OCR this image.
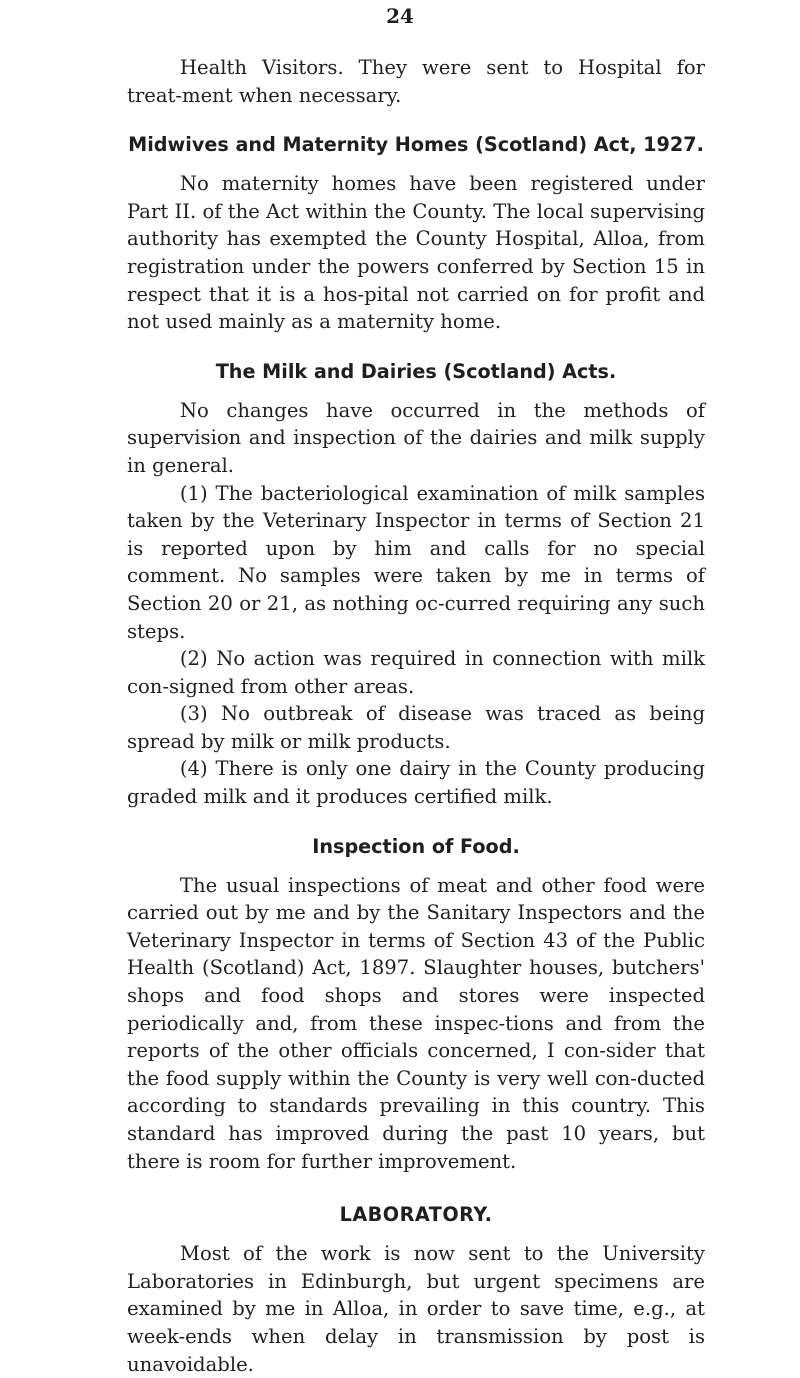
24

Health Visitors. They were sent to Hospital for treat-ment when necessary.

Midwives and Maternity Homes (Scotland) Act, 1927.

No maternity homes have been registered under Part II. of the Act within the County. The local supervising authority has exempted the County Hospital, Alloa, from registration under the powers conferred by Section 15 in respect that it is a hos-pital not carried on for profit and not used mainly as a maternity home.

The Milk and Dairies (Scotland) Acts.

No changes have occurred in the methods of supervision and inspection of the dairies and milk supply in general.

(1) The bacteriological examination of milk samples taken by the Veterinary Inspector in terms of Section 21 is reported upon by him and calls for no special comment. No samples were taken by me in terms of Section 20 or 21, as nothing oc-curred requiring any such steps.

(2) No action was required in connection with milk con-signed from other areas.

(3) No outbreak of disease was traced as being spread by milk or milk products.

(4) There is only one dairy in the County producing graded milk and it produces certified milk.

Inspection of Food.

The usual inspections of meat and other food were carried out by me and by the Sanitary Inspectors and the Veterinary Inspector in terms of Section 43 of the Public Health (Scotland) Act, 1897. Slaughter houses, butchers' shops and food shops and stores were inspected periodically and, from these inspec-tions and from the reports of the other officials concerned, I con-sider that the food supply within the County is very well con-ducted according to standards prevailing in this country. This standard has improved during the past 10 years, but there is room for further improvement.

LABORATORY.

Most of the work is now sent to the University Laboratories in Edinburgh, but urgent specimens are examined by me in Alloa, in order to save time, e.g., at week-ends when delay in transmission by post is unavoidable.
